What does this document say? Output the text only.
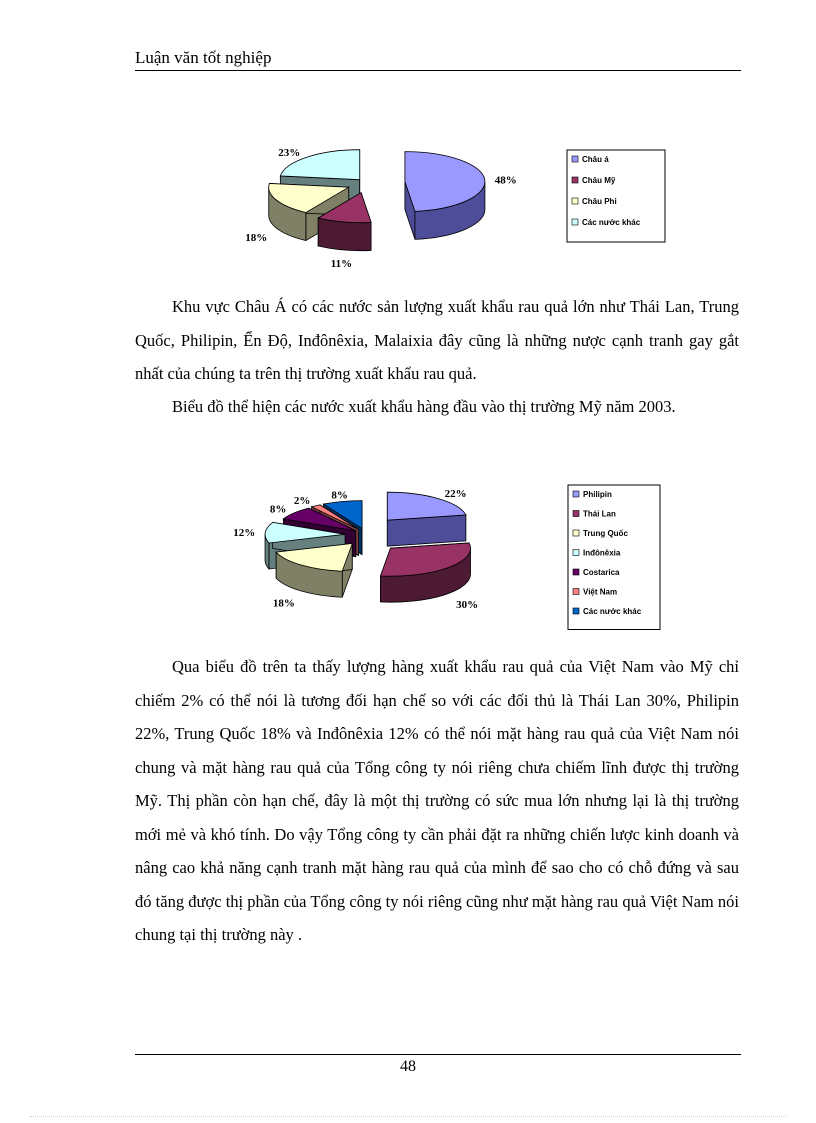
Luận văn tốt nghiệp
48%
11%
18%
23%
Châu á
Châu Mỹ
Châu Phi
Các nước khác

Khu vực Châu Á có các nước sản lượng xuất khẩu rau quả lớn như Thái Lan, Trung Quốc, Philipin, Ển Độ, Inđônêxia, Malaixia đây cũng là những nược cạnh tranh gay gắt nhất của chúng ta trên thị trường xuất khẩu rau quả.

Biểu đồ thể hiện các nước xuất khẩu hàng đầu vào thị trường Mỹ năm 2003.

22%
30%
18%
12%
8%
2% 8%	Philipin
Thái Lan
Trung Quốc
Inđônêxia
Costarica
Việt Nam
Các nước khác

Qua biểu đồ trên ta thấy lượng hàng xuất khẩu rau quả của Việt Nam vào Mỹ chỉ chiếm 2% có thể nói là tương đối hạn chế so với các đối thủ là Thái Lan 30%, Philipin 22%, Trung Quốc 18% và Inđônêxia 12% có thể nói mặt hàng rau quả của Việt Nam nói chung và mặt hàng rau quả của Tổng công ty nói riêng chưa chiếm lĩnh được thị trường Mỹ. Thị phần còn hạn chế, đây là một thị trường có sức mua lớn nhưng lại là thị trường mới mẻ và khó tính. Do vậy Tổng công ty cần phải đặt ra những chiến lược kinh doanh và nâng cao khả năng cạnh tranh mặt hàng rau quả của mình để sao cho có chỗ đứng và sau đó tăng được thị phần của Tổng công ty nói riêng cũng như mặt hàng rau quả Việt Nam nói chung tại thị trường này .

48
